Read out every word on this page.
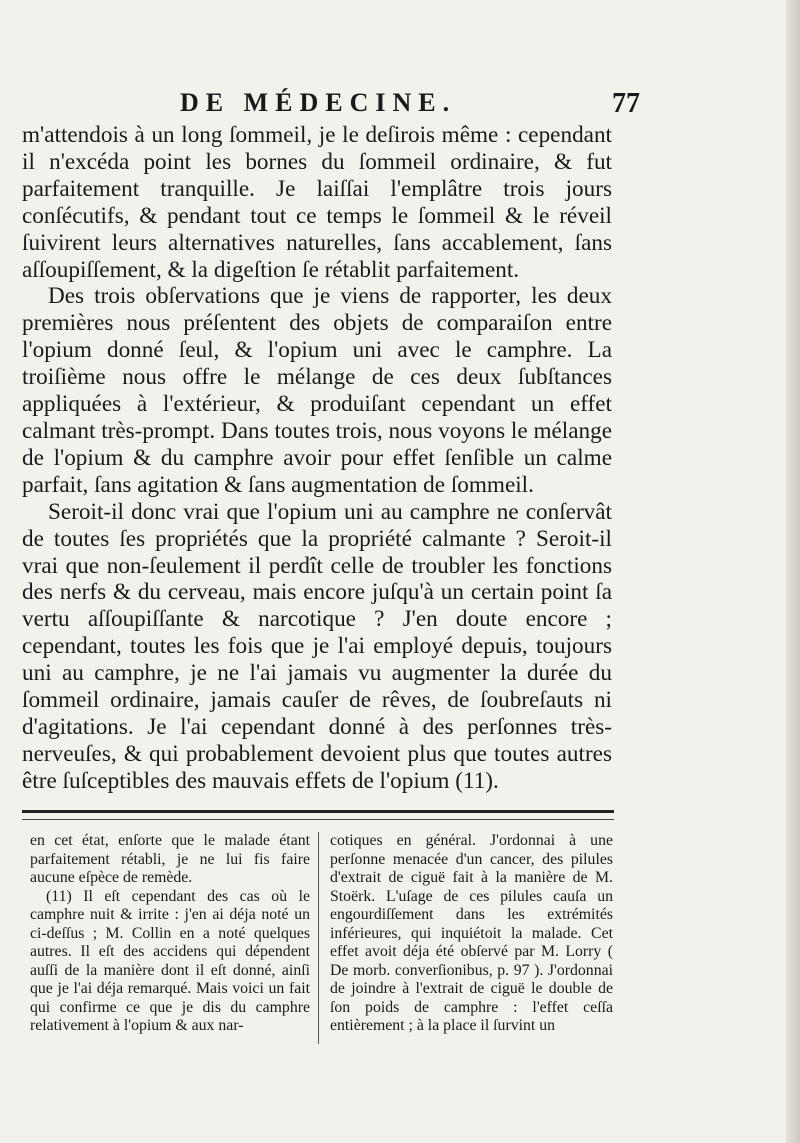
DE MÉDECINE.	77

m'attendois à un long ſommeil, je le deſirois même : cependant il n'excéda point les bornes du ſommeil ordinaire, & fut parfaitement tranquille. Je laiſſai l'emplâtre trois jours conſécutifs, & pendant tout ce temps le ſommeil & le réveil ſuivirent leurs alternatives naturelles, ſans accablement, ſans aſſoupiſſement, & la digeſtion ſe rétablit parfaitement.

Des trois obſervations que je viens de rapporter, les deux premières nous préſentent des objets de comparaiſon entre l'opium donné ſeul, & l'opium uni avec le camphre. La troiſième nous offre le mélange de ces deux ſubſtances appliquées à l'extérieur, & produiſant cependant un effet calmant très-prompt. Dans toutes trois, nous voyons le mélange de l'opium & du camphre avoir pour effet ſenſible un calme parfait, ſans agitation & ſans augmentation de ſommeil.

Seroit-il donc vrai que l'opium uni au camphre ne conſervât de toutes ſes propriétés que la propriété calmante ? Seroit-il vrai que non-ſeulement il perdît celle de troubler les fonctions des nerfs & du cerveau, mais encore juſqu'à un certain point ſa vertu aſſoupiſſante & narcotique ? J'en doute encore ; cependant, toutes les fois que je l'ai employé depuis, toujours uni au camphre, je ne l'ai jamais vu augmenter la durée du ſommeil ordinaire, jamais cauſer de rêves, de ſoubreſauts ni d'agitations. Je l'ai cependant donné à des perſonnes très-nerveuſes, & qui probablement devoient plus que toutes autres être ſuſceptibles des mauvais effets de l'opium (11).

en cet état, enſorte que le malade étant parfaitement rétabli, je ne lui fis faire aucune eſpèce de remède.

(11) Il eſt cependant des cas où le camphre nuit & irrite : j'en ai déja noté un ci-deſſus ; M. Collin en a noté quelques autres. Il eſt des accidens qui dépendent auſſi de la manière dont il eſt donné, ainſi que je l'ai déja remarqué. Mais voici un fait qui confirme ce que je dis du camphre relativement à l'opium & aux nar-

cotiques en général. J'ordonnai à une perſonne menacée d'un cancer, des pilules d'extrait de ciguë fait à la manière de M. Stoërk. L'uſage de ces pilules cauſa un engourdiſſement dans les extrémités inférieures, qui inquiétoit la malade. Cet effet avoit déja été obſervé par M. Lorry ( De morb. converſionibus, p. 97 ). J'ordonnai de joindre à l'extrait de ciguë le double de ſon poids de camphre : l'effet ceſſa entièrement ; à la place il ſurvint un
